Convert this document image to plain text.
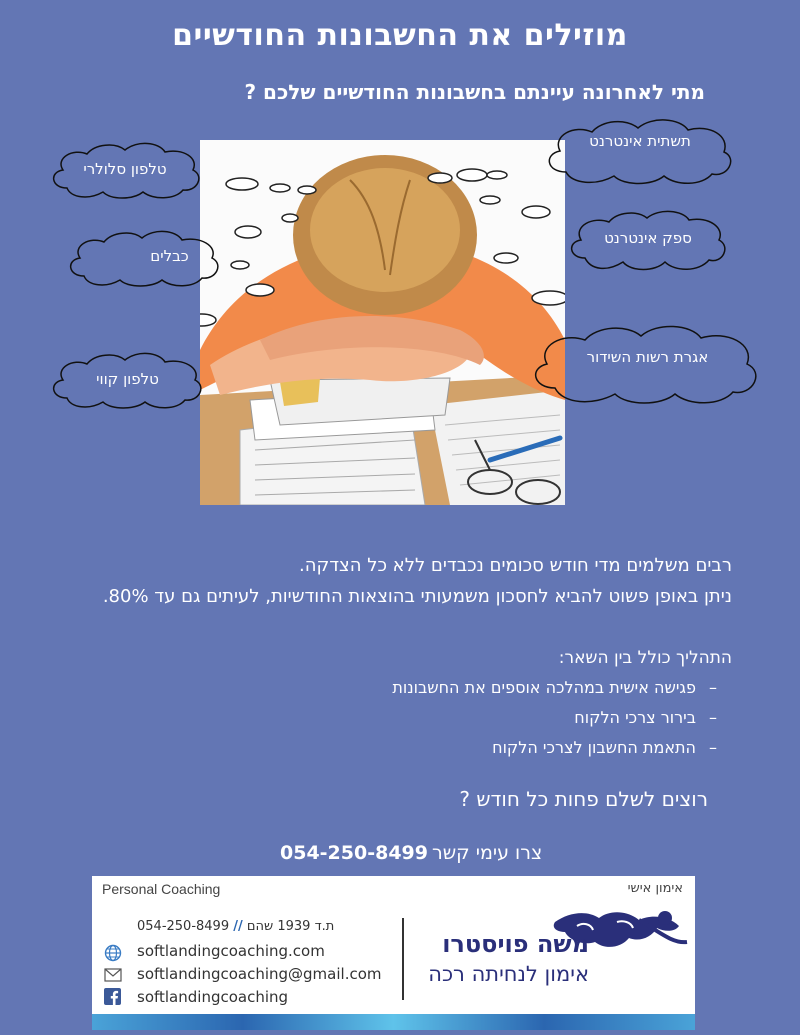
מוזילים את החשבונות החודשיים
מתי לאחרונה עיינתם בחשבונות החודשיים שלכם ?
טלפון סלולרי
כבלים
טלפון קווי
תשתית אינטרנט
ספק אינטרנט
אגרת רשות השידור
רבים משלמים מדי חודש סכומים נכבדים ללא כל הצדקה.
ניתן באופן פשוט להביא לחסכון משמעותי בהוצאות החודשיות, לעיתים גם עד 80%.
התהליך כולל בין השאר:
–פגישה אישית במהלכה אוספים את החשבונות
–בירור צרכי הלקוח
–התאמת החשבון לצרכי הלקוח
רוצים לשלם פחות כל חודש ?
צרו עימי קשר
054-250-8499
Personal Coaching	אימון אישי
ת.ד 1939 שהם // 054-250-8499
softlandingcoaching.com
softlandingcoaching@gmail.com
softlandingcoaching
משה פויסטרו
אימון לנחיתה רכה
